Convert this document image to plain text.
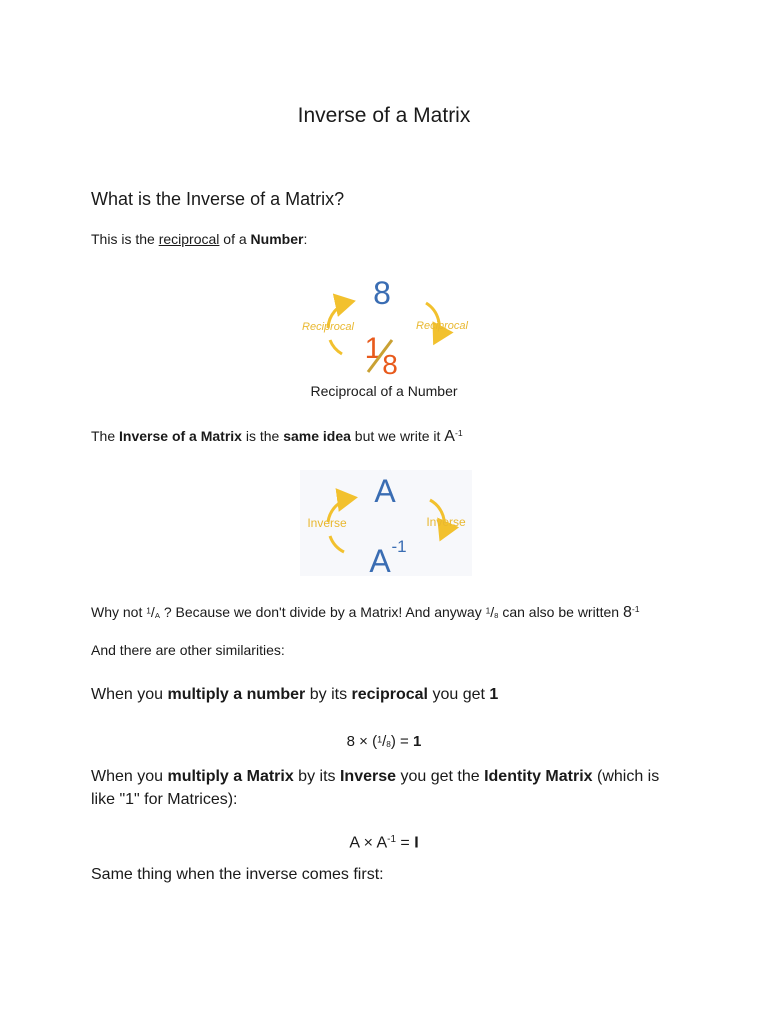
Inverse of a Matrix
What is the Inverse of a Matrix?

This is the reciprocal of a Number:

8
Reciprocal	Reciprocal
1 8

Reciprocal of a Number

The Inverse of a Matrix is the same idea but we write it $A^{-1}$

A
Inverse	Inverse
A -1

Why not $^1$/A ? Because we don't divide by a Matrix! And anyway $^1$/8 can also be written $8^{-1}$

And there are other similarities:

When you multiply a number by its reciprocal you get 1

8 × ($^1$/8) = 1

When you multiply a Matrix by its Inverse you get the Identity Matrix (which is
like "1" for Matrices):

$A \times A^{-1} = I$

Same thing when the inverse comes first:
